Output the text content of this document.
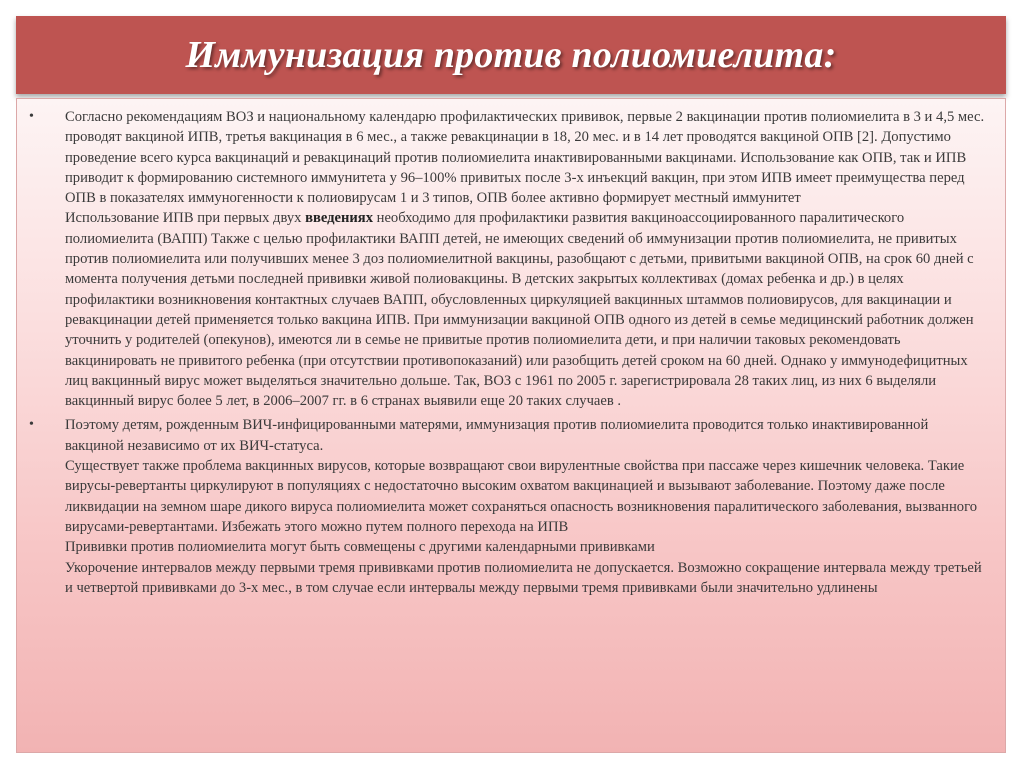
Иммунизация против полиомиелита:
• Согласно рекомендациям ВОЗ и национальному календарю профилактических прививок, первые 2 вакцинации против полиомиелита в 3 и 4,5 мес. проводят вакциной ИПВ, третья вакцинация в 6 мес., а также ревакцинации в 18, 20 мес. и в 14 лет проводятся вакциной ОПВ [2]. Допустимо проведение всего курса вакцинаций и ревакцинаций против полиомиелита инактивированными вакцинами. Использование как ОПВ, так и ИПВ приводит к формированию системного иммунитета у 96–100% привитых после 3-х инъекций вакцин, при этом ИПВ имеет преимущества перед ОПВ в показателях иммуногенности к полиовирусам 1 и 3 типов, ОПВ более активно формирует местный иммунитет
Использование ИПВ при первых двух введениях необходимо для профилактики развития вакциноассоциированного паралитического полиомиелита (ВАПП) Также с целью профилактики ВАПП детей, не имеющих сведений об иммунизации против полиомиелита, не привитых против полиомиелита или получивших менее 3 доз полиомиелитной вакцины, разобщают с детьми, привитыми вакциной ОПВ, на срок 60 дней с момента получения детьми последней прививки живой полиовакцины. В детских закрытых коллективах (домах ребенка и др.) в целях профилактики возникновения контактных случаев ВАПП, обусловленных циркуляцией вакцинных штаммов полиовирусов, для вакцинации и ревакцинации детей применяется только вакцина ИПВ. При иммунизации вакциной ОПВ одного из детей в семье медицинский работник должен уточнить у родителей (опекунов), имеются ли в семье не привитые против полиомиелита дети, и при наличии таковых рекомендовать вакцинировать не привитого ребенка (при отсутствии противопоказаний) или разобщить детей сроком на 60 дней. Однако у иммунодефицитных лиц вакцинный вирус может выделяться значительно дольше. Так, ВОЗ с 1961 по 2005 г. зарегистрировала 28 таких лиц, из них 6 выделяли вакцинный вирус более 5 лет, в 2006–2007 гг. в 6 странах выявили еще 20 таких случаев .
• Поэтому детям, рожденным ВИЧ-инфицированными матерями, иммунизация против полиомиелита проводится только инактивированной вакциной независимо от их ВИЧ-статуса.
Существует также проблема вакцинных вирусов, которые возвращают свои вирулентные свойства при пассаже через кишечник человека. Такие вирусы-ревертанты циркулируют в популяциях с недостаточно высоким охватом вакцинацией и вызывают заболевание. Поэтому даже после ликвидации на земном шаре дикого вируса полиомиелита может сохраняться опасность возникновения паралитического заболевания, вызванного вирусами-ревертантами. Избежать этого можно путем полного перехода на ИПВ
Прививки против полиомиелита могут быть совмещены с другими календарными прививками
Укорочение интервалов между первыми тремя прививками против полиомиелита не допускается. Возможно сокращение интервала между третьей и четвертой прививками до 3-х мес., в том случае если интервалы между первыми тремя прививками были значительно удлинены
